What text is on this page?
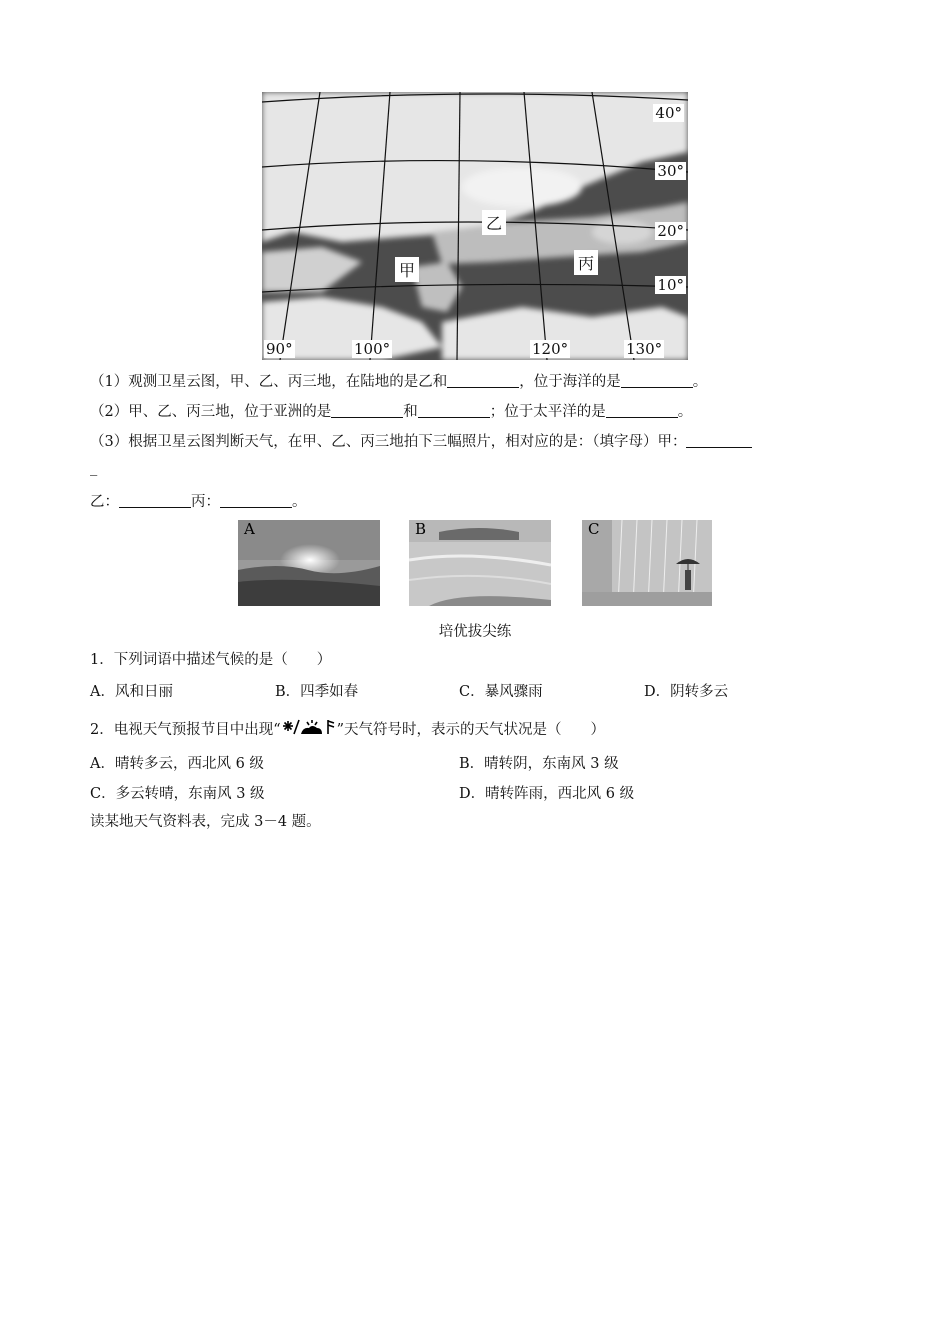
40°
30°
20°
10°
90°	100°	120°	130°
甲
乙
丙
（1）观测卫星云图，甲、乙、丙三地，在陆地的是乙和	，位于海洋的是	。
（2）甲、乙、丙三地，位于亚洲的是	和	；位于太平洋的是	。
（3）根据卫星云图判断天气，在甲、乙、丙三地拍下三幅照片，相对应的是：（填字母）甲：
_
乙：	丙：	。
A	B	C
培优拔尖练
1．下列词语中描述气候的是（　　）
A．风和日丽	B．四季如春	C．暴风骤雨	D．阴转多云
2．电视天气预报节目中出现“	”天气符号时，表示的天气状况是（　　）
A．晴转多云，西北风 6 级	B．晴转阴，东南风 3 级
C．多云转晴，东南风 3 级	D．晴转阵雨，西北风 6 级
读某地天气资料表，完成 3－4 题。
